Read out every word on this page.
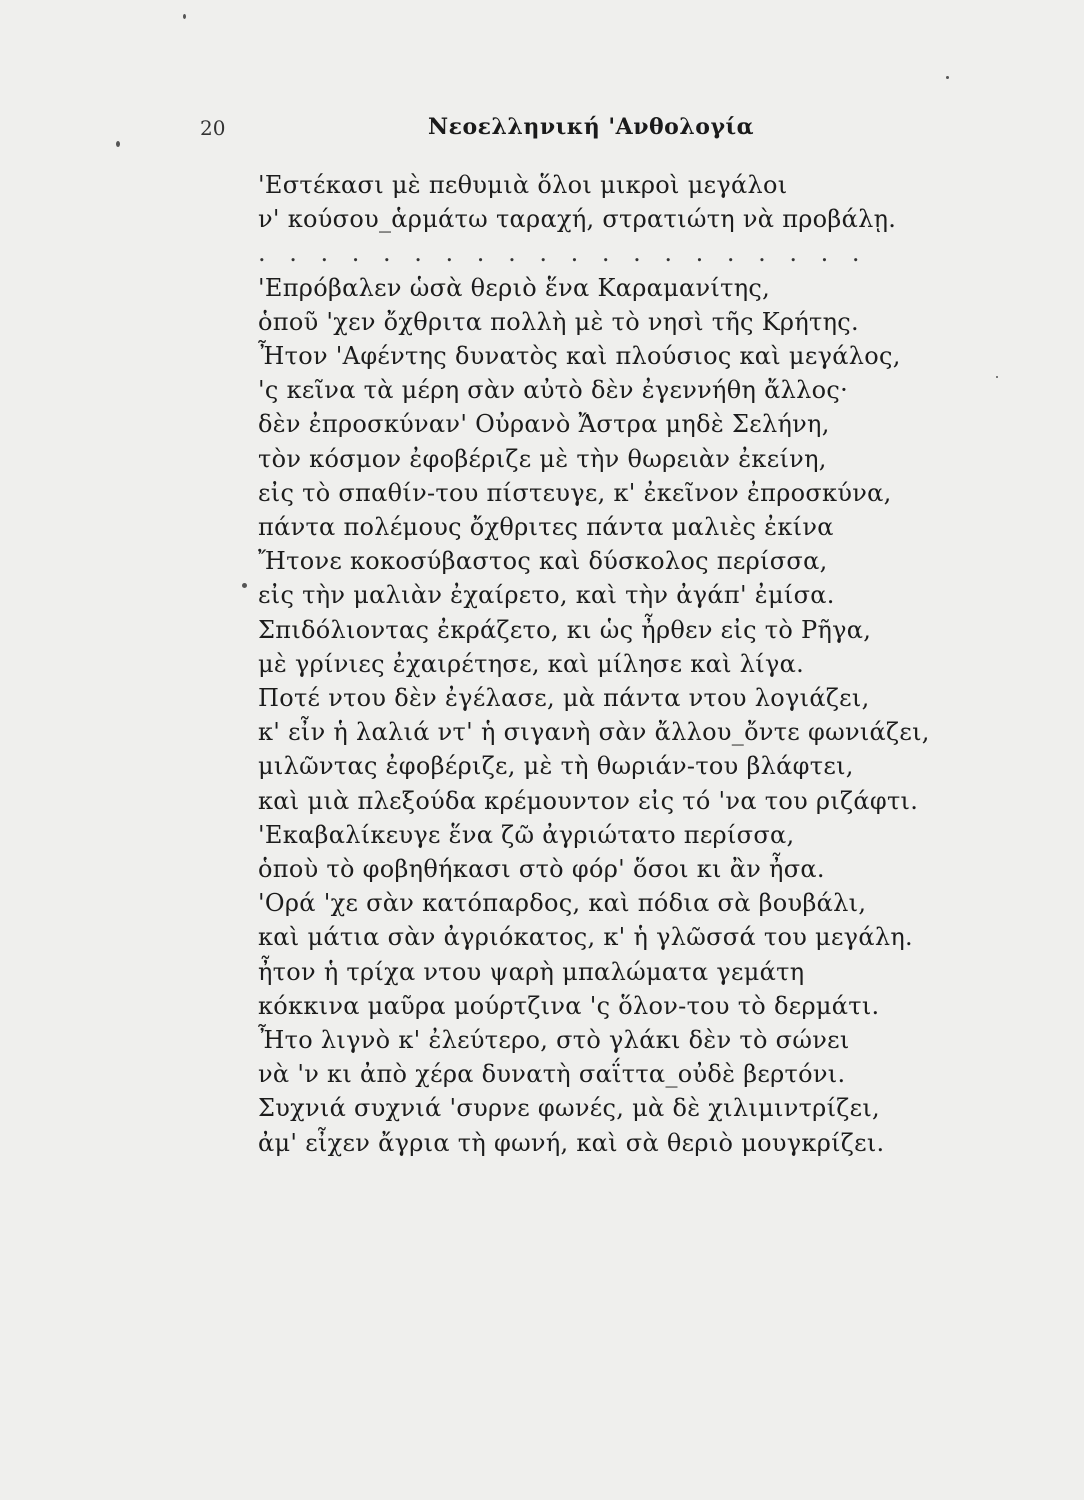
20	Νεοελληνική 'Ανθολογία
'Εστέκασι μὲ πεθυμιὰ ὅλοι μικροὶ μεγάλοι
ν' κούσου_ἁρμάτω ταραχή, στρατιώτη νὰ προβάλῃ.
. . . . . . . . . . . . . . . . . . . .
'Επρόβαλεν ὡσὰ θεριὸ ἕνα Καραμανίτης,
ὁποῦ 'χεν ὄχθριτα πολλὴ μὲ τὸ νησὶ τῆς Κρήτης.
Ἦτον 'Αφέντης δυνατὸς καὶ πλούσιος καὶ μεγάλος,
'ς κεῖνα τὰ μέρη σὰν αὐτὸ δὲν ἐγεννήθη ἄλλος·
δὲν ἐπροσκύναν' Οὐρανὸ Ἄστρα μηδὲ Σελήνη,
τὸν κόσμον ἐφοβέριζε μὲ τὴν θωρειὰν ἐκείνη,
εἰς τὸ σπαθίν-του πίστευγε, κ' ἐκεῖνον ἐπροσκύνα,
πάντα πολέμους ὄχθριτες πάντα μαλιὲς ἐκίνα
Ἤτονε κοκοσύβαστος καὶ δύσκολος περίσσα,
εἰς τὴν μαλιὰν ἐχαίρετο, καὶ τὴν ἀγάπ' ἐμίσα.
Σπιδόλιοντας ἐκράζετο, κι ὡς ἦρθεν εἰς τὸ Ρῆγα,
μὲ γρίνιες ἐχαιρέτησε, καὶ μίλησε καὶ λίγα.
Ποτέ ντου δὲν ἐγέλασε, μὰ πάντα ντου λογιάζει,
κ' εἶν ἡ λαλιά ντ' ἡ σιγανὴ σὰν ἄλλου_ὄντε φωνιάζει,
μιλῶντας ἐφοβέριζε, μὲ τὴ θωριάν-του βλάφτει,
καὶ μιὰ πλεξούδα κρέμουντον εἰς τό 'να του ριζάφτι.
'Εκαβαλίκευγε ἕνα ζῶ ἀγριώτατο περίσσα,
ὁποὺ τὸ φοβηθήκασι στὸ φόρ' ὅσοι κι ἂν ἦσα.
'Ορά 'χε σὰν κατόπαρδος, καὶ πόδια σὰ βουβάλι,
καὶ μάτια σὰν ἀγριόκατος, κ' ἡ γλῶσσά του μεγάλη.
ἦτον ἡ τρίχα ντου ψαρὴ μπαλώματα γεμάτη
κόκκινα μαῦρα μούρτζινα 'ς ὅλον-του τὸ δερμάτι.
Ἦτο λιγνὸ κ' ἐλεύτερο, στὸ γλάκι δὲν τὸ σώνει
νὰ 'ν κι ἀπὸ χέρα δυνατὴ σαΐττα_οὐδὲ βερτόνι.
Συχνιά συχνιά 'συρνε φωνές, μὰ δὲ χιλιμιντρίζει,
ἀμ' εἶχεν ἄγρια τὴ φωνή, καὶ σὰ θεριὸ μουγκρίζει.
